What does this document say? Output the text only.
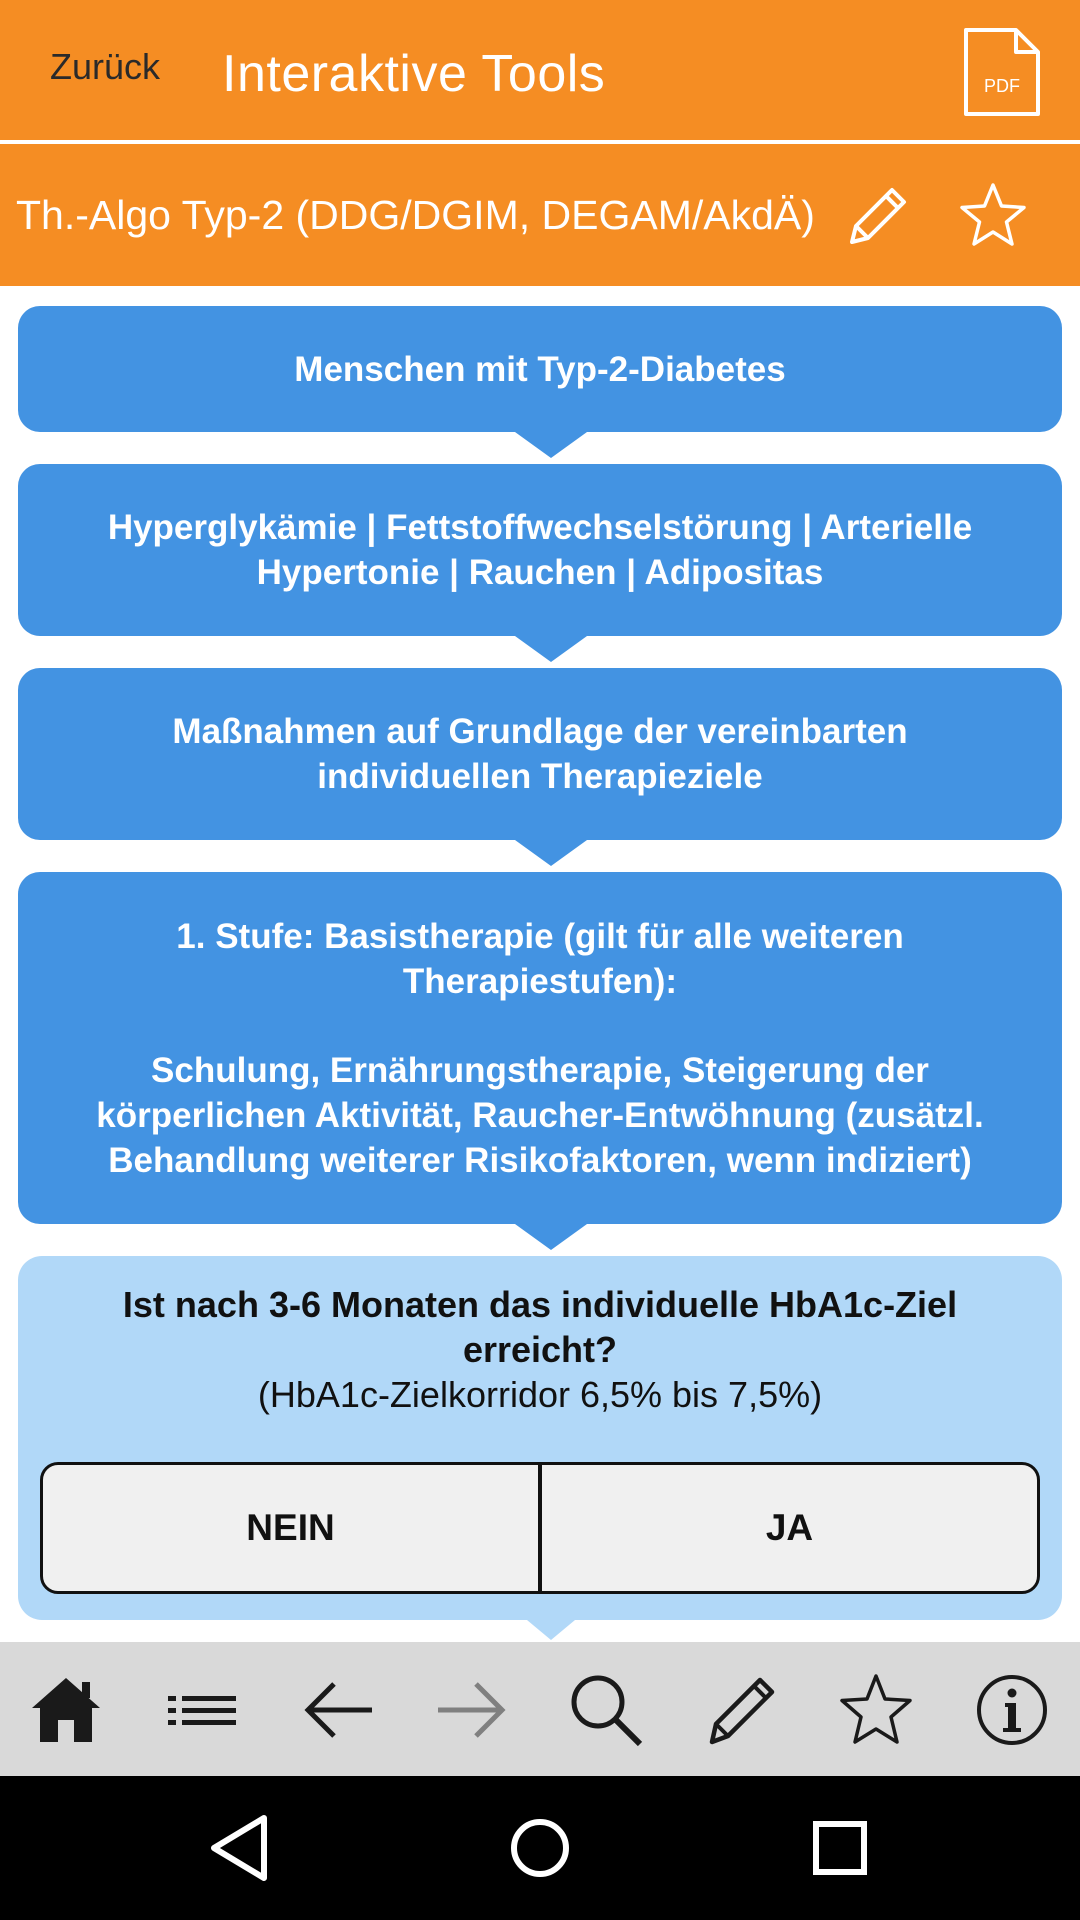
Zurück Interaktive Tools	PDF
Th.-Algo Typ-2 (DDG/DGIM, DEGAM/AkdÄ)

Menschen mit Typ-2-Diabetes

Hyperglykämie | Fettstoffwechselstörung | Arterielle

Hypertonie | Rauchen | Adipositas

Maßnahmen auf Grundlage der vereinbarten

individuellen Therapieziele

1. Stufe: Basistherapie (gilt für alle weiteren

Therapiestufen):

Schulung, Ernährungstherapie, Steigerung der

körperlichen Aktivität, Raucher-Entwöhnung (zusätzl.

Behandlung weiterer Risikofaktoren, wenn indiziert)

Ist nach 3-6 Monaten das individuelle HbA1c-Ziel
erreicht?
(HbA1c-Zielkorridor 6,5% bis 7,5%)
NEIN	JA
